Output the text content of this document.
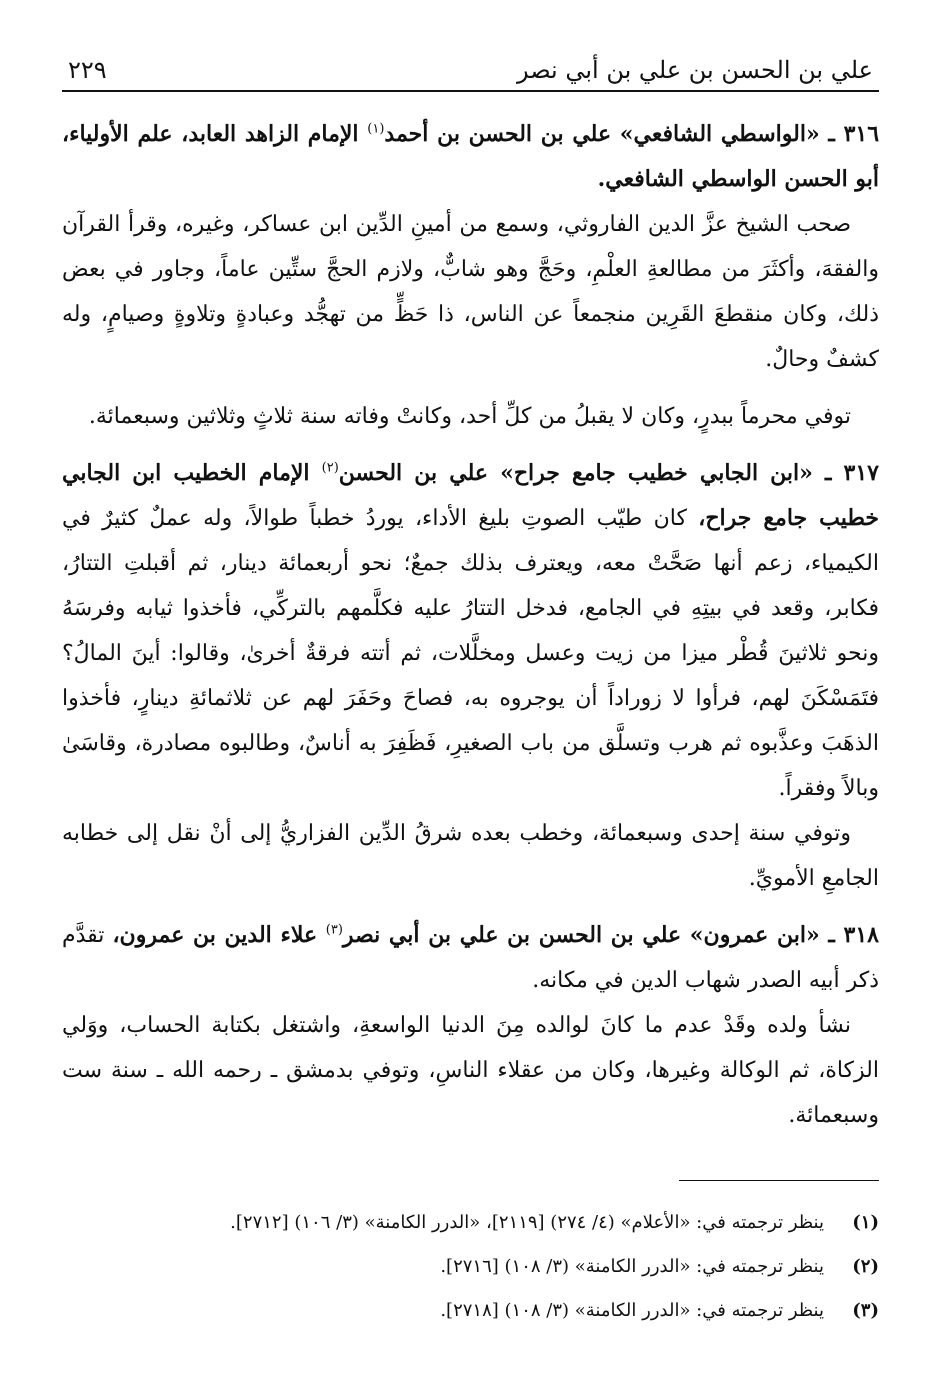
علي بن الحسن بن علي بن أبي نصر
٢٢٩

٣١٦ ـ «الواسطي الشافعي» علي بن الحسن بن أحمد$^{(١)}$ الإمام الزاهد العابد، علم الأولياء، أبو الحسن الواسطي الشافعي.

صحب الشيخ عزَّ الدين الفاروثي، وسمع من أمينِ الدِّين ابن عساكر، وغيره، وقرأ القرآن والفقهَ، وأكثَرَ من مطالعةِ العلْمِ، وحَجَّ وهو شابٌّ، ولازم الحجَّ ستِّين عاماً، وجاور في بعض ذلك، وكان منقطعَ القَرِين منجمعاً عن الناس، ذا حَظٍّ من تهجُّد وعبادةٍ وتلاوةٍ وصيامٍ، وله كشفٌ وحالٌ.

توفي محرماً ببدرٍ، وكان لا يقبلُ من كلِّ أحد، وكانتْ وفاته سنة ثلاثٍ وثلاثين وسبعمائة.

٣١٧ ـ «ابن الجابي خطيب جامع جراح» علي بن الحسن$^{(٢)}$ الإمام الخطيب ابن الجابي خطيب جامع جراح، كان طيّب الصوتِ بليغ الأداء، يوردُ خطباً طوالاً، وله عملٌ كثيرٌ في الكيمياء، زعم أنها صَحَّتْ معه، ويعترف بذلك جمعٌ؛ نحو أربعمائة دينار، ثم أقبلتِ التتارُ، فكابر، وقعد في بيتِهِ في الجامع، فدخل التتارُ عليه فكلَّمهم بالتركِّي، فأخذوا ثيابه وفرسَهُ ونحو ثلاثينَ قُطْر ميزا من زيت وعسل ومخلَّلات، ثم أتته فرقةٌ أخرىٰ، وقالوا: أينَ المالُ؟ فتَمَسْكَنَ لهم، فرأوا لا زوراداً أن يوجروه به، فصاحَ وحَفَرَ لهم عن ثلاثمائةِ دينارٍ، فأخذوا الذهَبَ وعذَّبوه ثم هرب وتسلَّق من باب الصغيرِ، فَظَفِرَ به أناسٌ، وطالبوه مصادرة، وقاسَىٰ وبالاً وفقراً.

وتوفي سنة إحدى وسبعمائة، وخطب بعده شرقُ الدِّين الفزاريُّ إلى أنْ نقل إلى خطابه الجامعِ الأمويِّ.

٣١٨ ـ «ابن عمرون» علي بن الحسن بن علي بن أبي نصر$^{(٣)}$ علاء الدين بن عمرون، تقدَّم ذكر أبيه الصدر شهاب الدين في مكانه.

نشأ ولده وقَدْ عدم ما كانَ لوالده مِنَ الدنيا الواسعةِ، واشتغل بكتابة الحساب، ووَلي الزكاة، ثم الوكالة وغيرها، وكان من عقلاء الناسِ، وتوفي بدمشق ـ رحمه الله ـ سنة ست وسبعمائة.

(١)
ينظر ترجمته في: «الأعلام» (٤/ ٢٧٤) [٢١١٩]، «الدرر الكامنة» (٣/ ١٠٦) [٢٧١٢].
(٢)
ينظر ترجمته في: «الدرر الكامنة» (٣/ ١٠٨) [٢٧١٦].
(٣)
ينظر ترجمته في: «الدرر الكامنة» (٣/ ١٠٨) [٢٧١٨].
